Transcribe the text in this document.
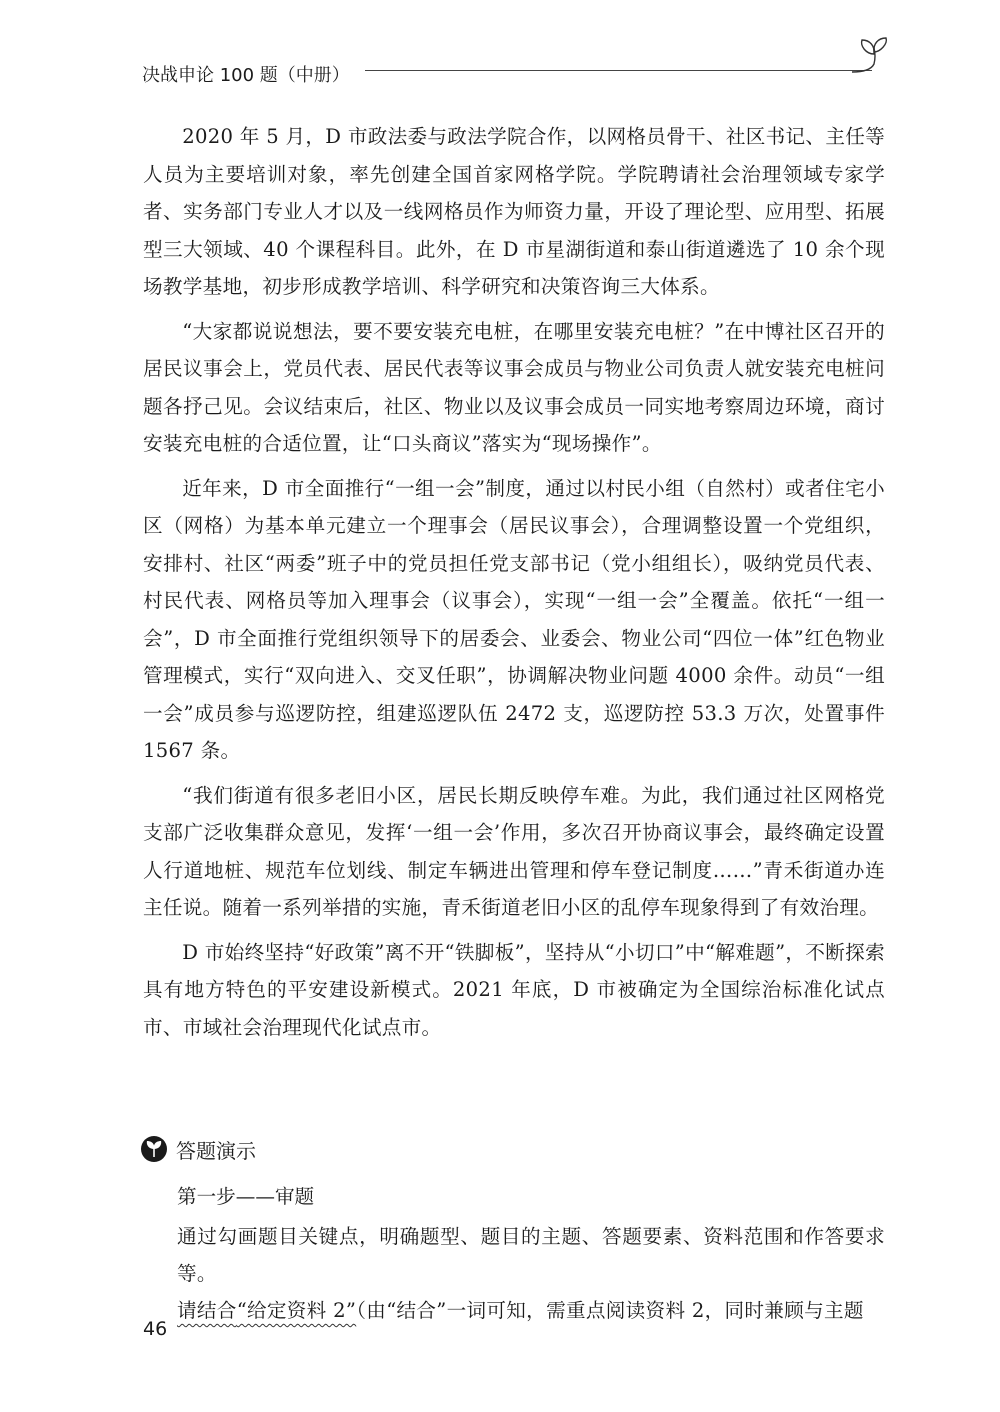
决战申论 100 题（中册）

2020 年 5 月，D 市政法委与政法学院合作，以网格员骨干、社区书记、主任等人员为主要培训对象，率先创建全国首家网格学院。学院聘请社会治理领域专家学者、实务部门专业人才以及一线网格员作为师资力量，开设了理论型、应用型、拓展型三大领域、40 个课程科目。此外，在 D 市星湖街道和泰山街道遴选了 10 余个现场教学基地，初步形成教学培训、科学研究和决策咨询三大体系。

“大家都说说想法，要不要安装充电桩，在哪里安装充电桩？”在中博社区召开的居民议事会上，党员代表、居民代表等议事会成员与物业公司负责人就安装充电桩问题各抒己见。会议结束后，社区、物业以及议事会成员一同实地考察周边环境，商讨安装充电桩的合适位置，让“口头商议”落实为“现场操作”。

近年来，D 市全面推行“一组一会”制度，通过以村民小组（自然村）或者住宅小区（网格）为基本单元建立一个理事会（居民议事会），合理调整设置一个党组织，安排村、社区“两委”班子中的党员担任党支部书记（党小组组长），吸纳党员代表、村民代表、网格员等加入理事会（议事会），实现“一组一会”全覆盖。依托“一组一会”，D 市全面推行党组织领导下的居委会、业委会、物业公司“四位一体”红色物业管理模式，实行“双向进入、交叉任职”，协调解决物业问题 4000 余件。动员“一组一会”成员参与巡逻防控，组建巡逻队伍 2472 支，巡逻防控 53.3 万次，处置事件 1567 条。

“我们街道有很多老旧小区，居民长期反映停车难。为此，我们通过社区网格党支部广泛收集群众意见，发挥‘一组一会’作用，多次召开协商议事会，最终确定设置人行道地桩、规范车位划线、制定车辆进出管理和停车登记制度……”青禾街道办连主任说。随着一系列举措的实施，青禾街道老旧小区的乱停车现象得到了有效治理。

D 市始终坚持“好政策”离不开“铁脚板”，坚持从“小切口”中“解难题”，不断探索具有地方特色的平安建设新模式。2021 年底，D 市被确定为全国综治标准化试点市、市域社会治理现代化试点市。

答题演示
第一步——审题
通过勾画题目关键点，明确题型、题目的主题、答题要素、资料范围和作答要求等。
请结合“给定资料 2”（由“结合”一词可知，需重点阅读资料 2，同时兼顾与主题
46
